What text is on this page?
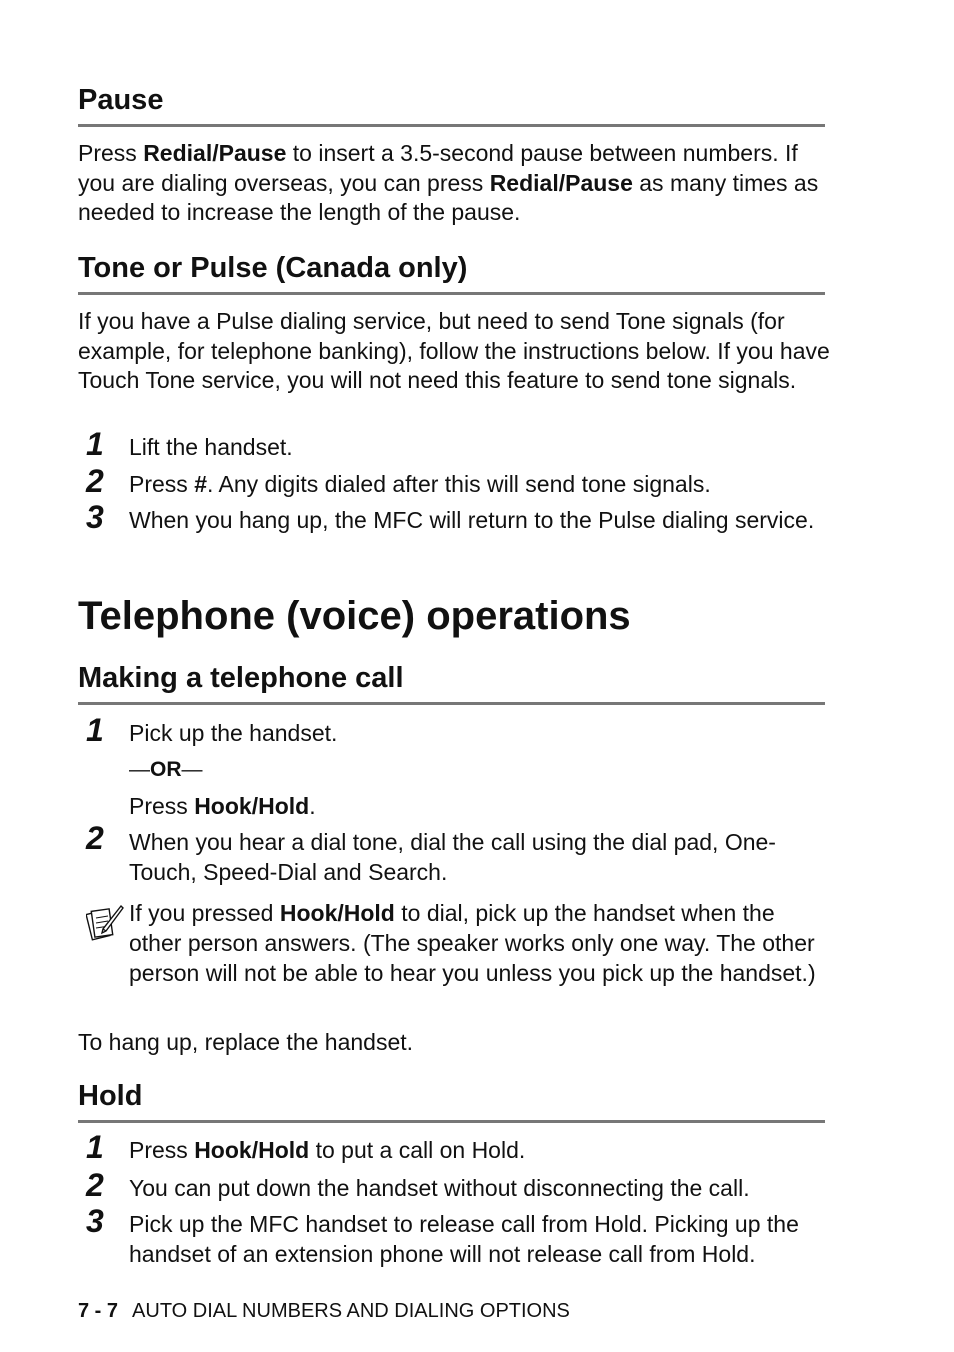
Pause
Press Redial/Pause to insert a 3.5-second pause between numbers. If you are dialing overseas, you can press Redial/Pause as many times as needed to increase the length of the pause.
Tone or Pulse (Canada only)
If you have a Pulse dialing service, but need to send Tone signals (for example, for telephone banking), follow the instructions below. If you have Touch Tone service, you will not need this feature to send tone signals.
1	Lift the handset.
2	Press #. Any digits dialed after this will send tone signals.
3	When you hang up, the MFC will return to the Pulse dialing service.
Telephone (voice) operations
Making a telephone call
1	Pick up the handset.
—OR—
Press Hook/Hold.
2	When you hear a dial tone, dial the call using the dial pad, One-Touch, Speed-Dial and Search.
If you pressed Hook/Hold to dial, pick up the handset when the other person answers. (The speaker works only one way. The other person will not be able to hear you unless you pick up the handset.)
To hang up, replace the handset.
Hold
1	Press Hook/Hold to put a call on Hold.
2	You can put down the handset without disconnecting the call.
3	Pick up the MFC handset to release call from Hold. Picking up the handset of an extension phone will not release call from Hold.
7 - 7 AUTO DIAL NUMBERS AND DIALING OPTIONS
